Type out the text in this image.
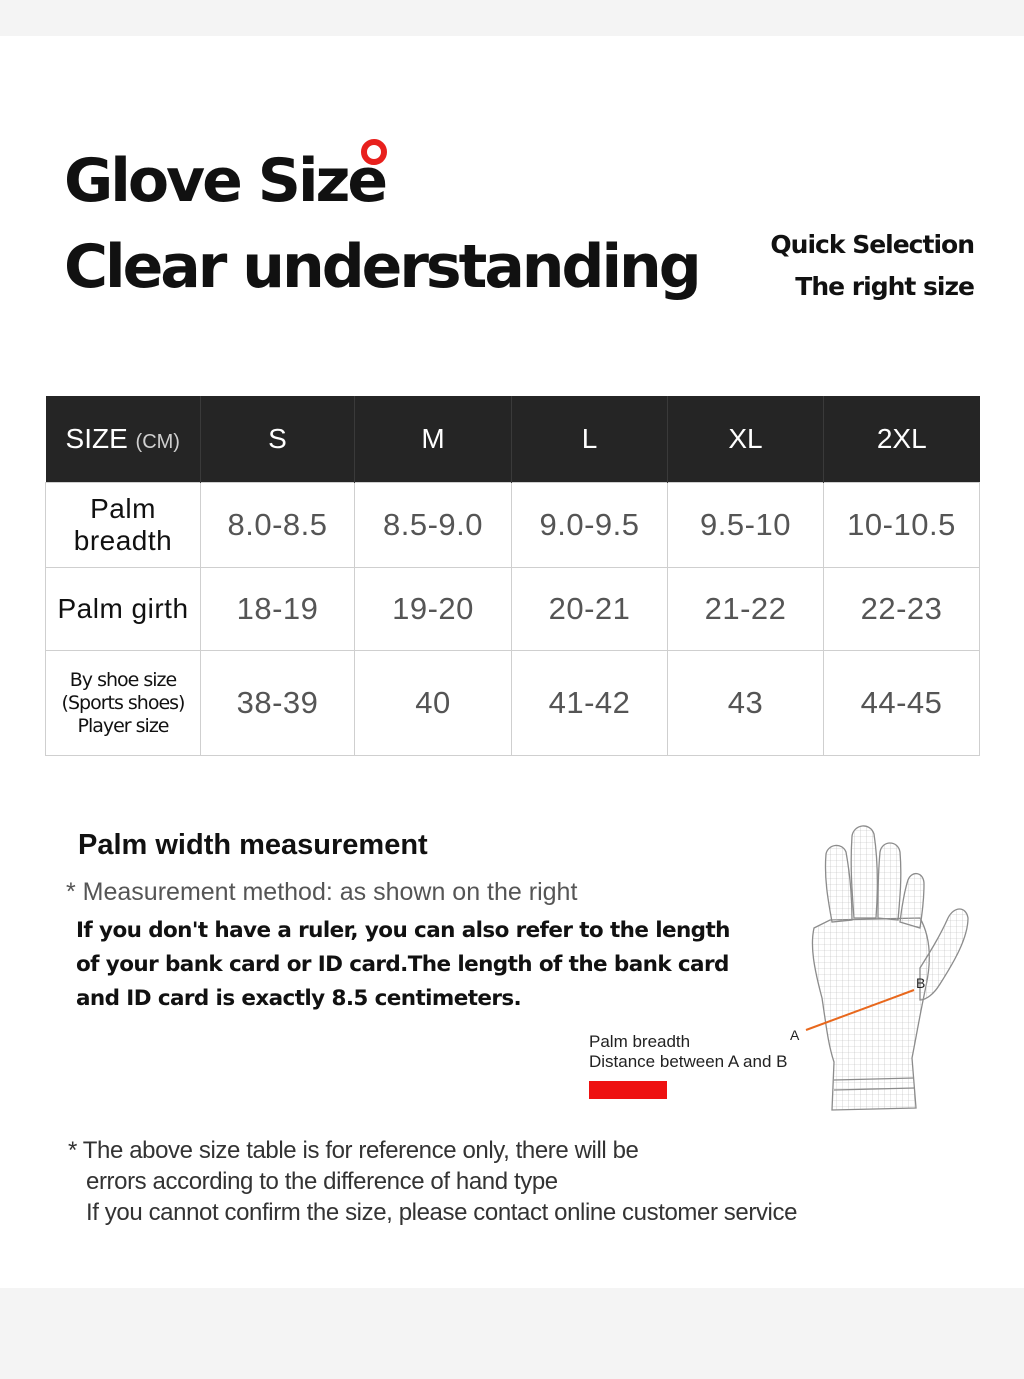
Glove Size
Clear understanding	Quick Selection
The right size
SIZE (CM)	S	M	L	XL	2XL
Palm breadth	8.0-8.5	8.5-9.0	9.0-9.5	9.5-10	10-10.5
Palm girth	18-19	19-20	20-21	21-22	22-23

By shoe size
(Sports shoes)
Player size	38-39	40	41-42	43	44-45
Palm width measurement
* Measurement method: as shown on the right
If you don't have a ruler, you can also refer to the length
of your bank card or ID card.The length of the bank card
and ID card is exactly 8.5 centimeters.
A
B
Palm breadth
Distance between A and B
* The above size table is for reference only, there will be
errors according to the difference of hand type
If you cannot confirm the size, please contact online customer service
